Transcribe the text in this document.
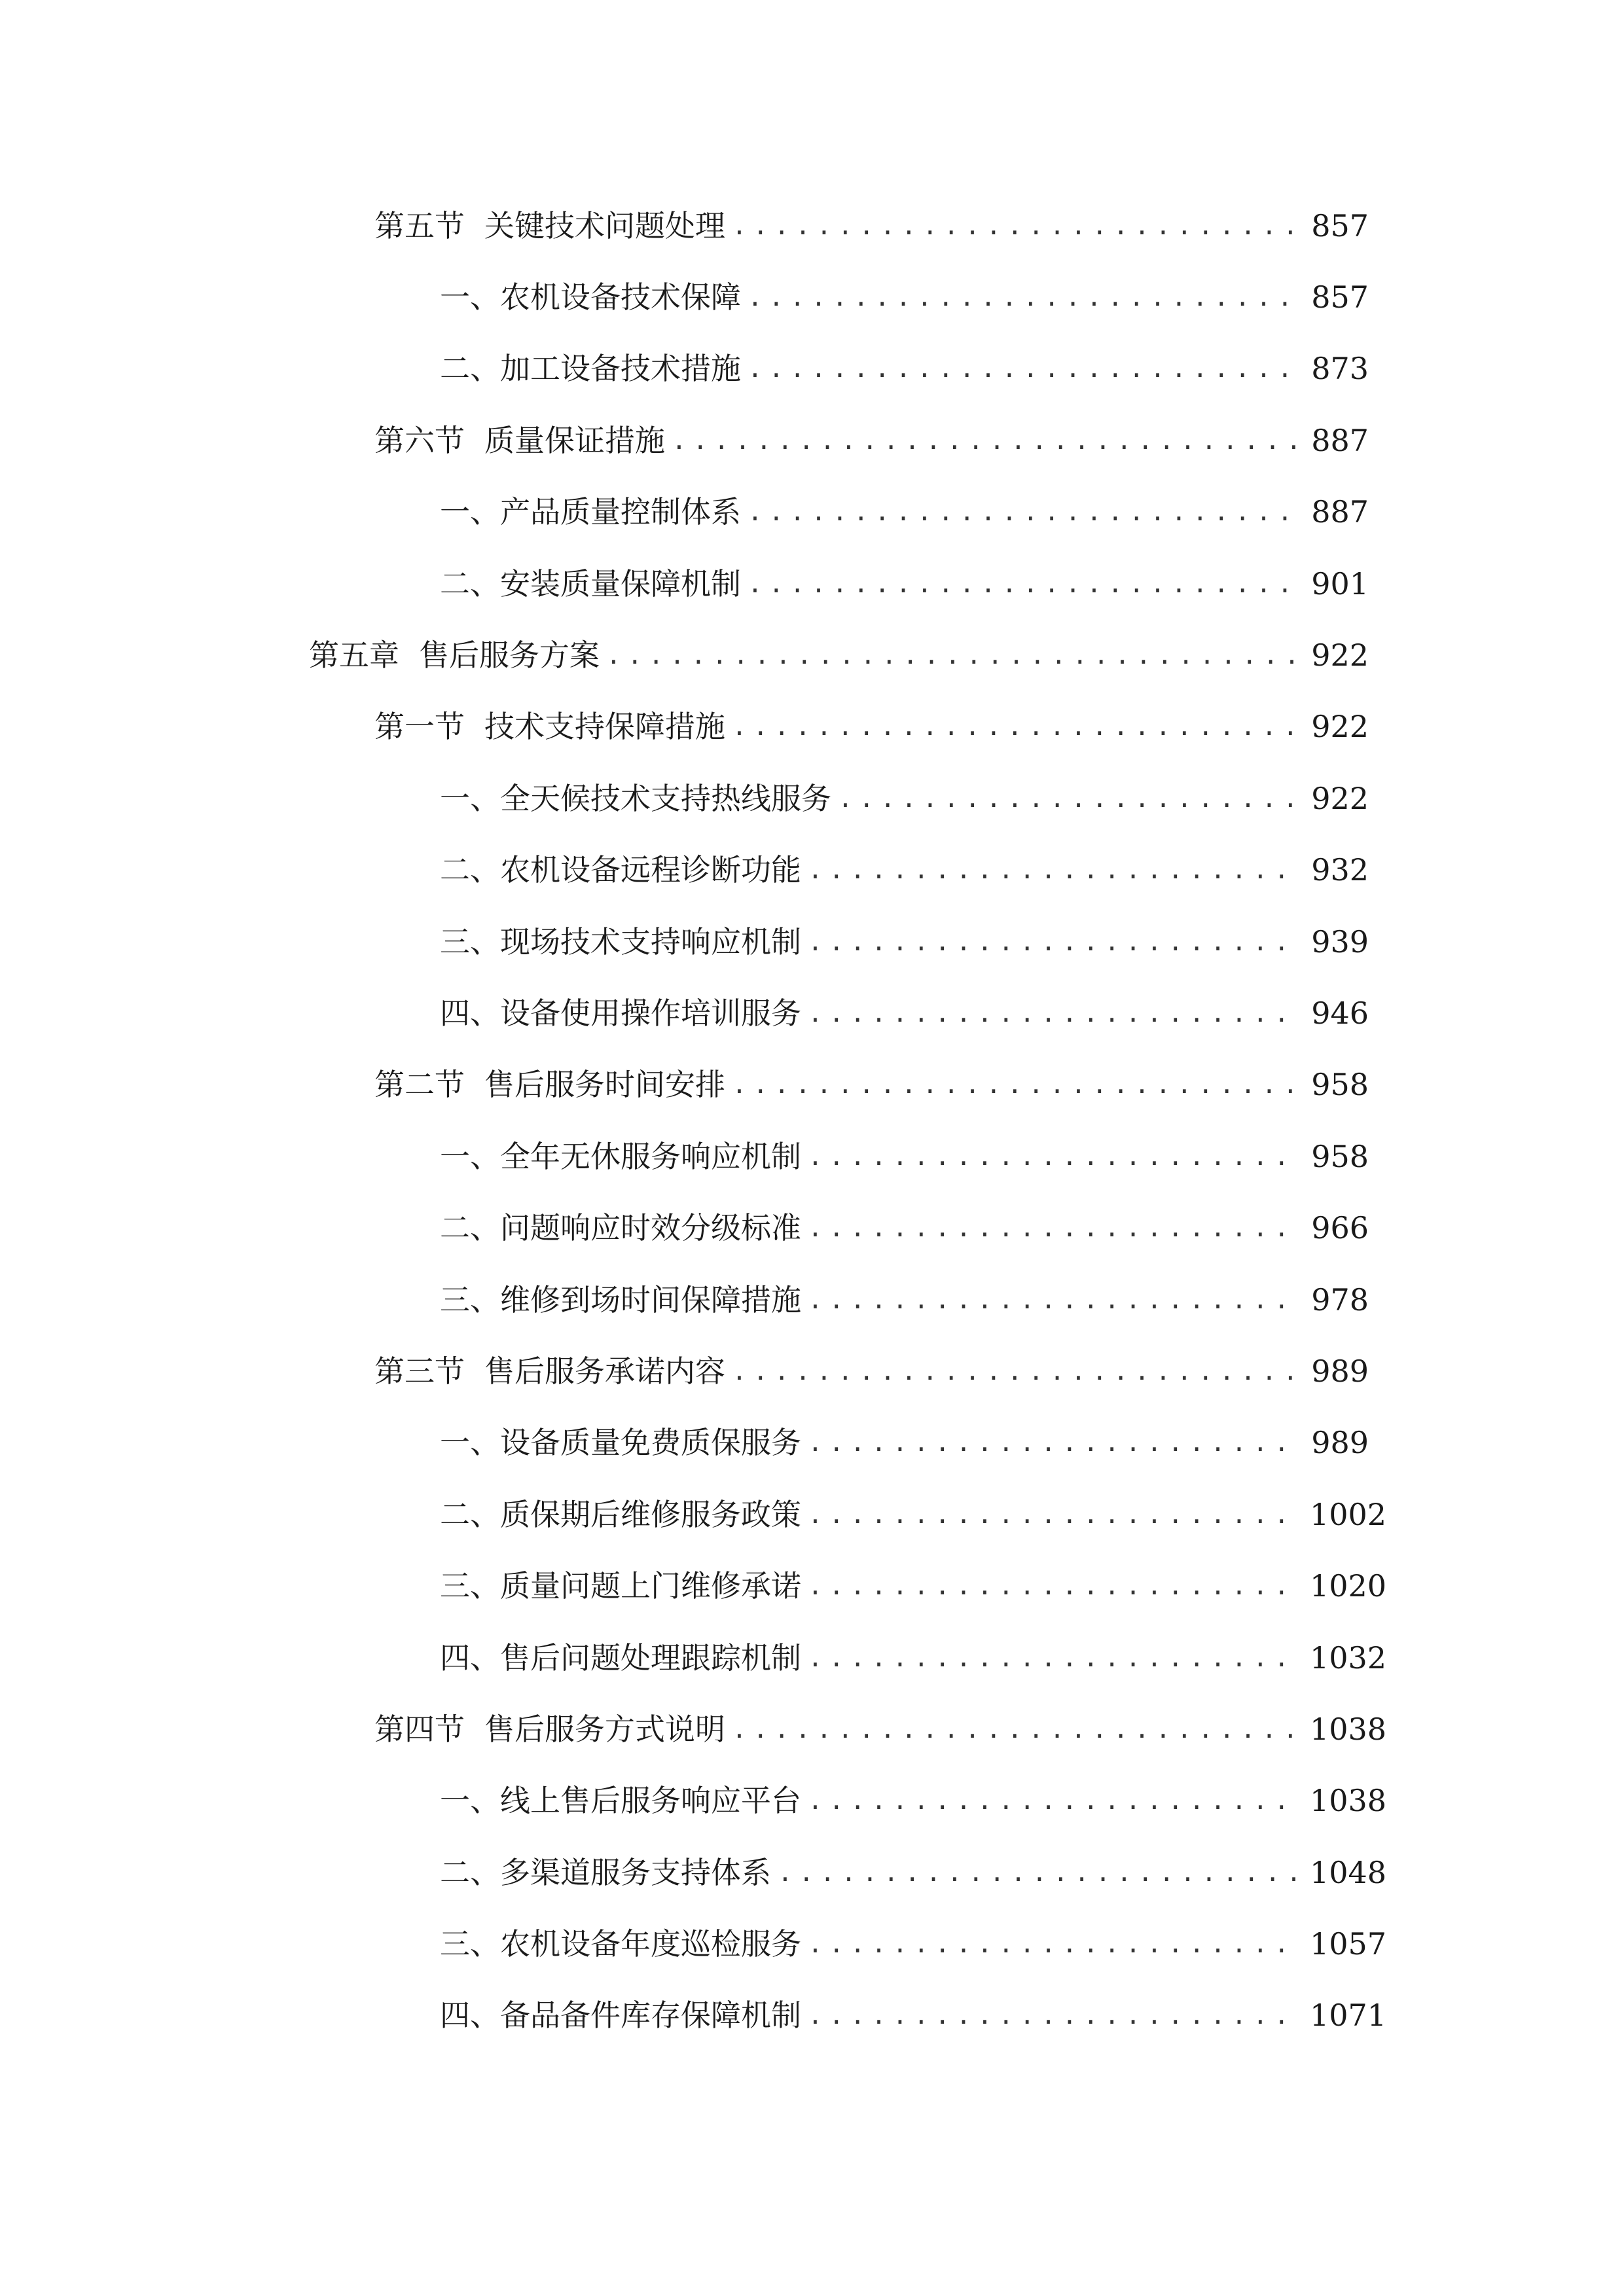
第五节 关键技术问题处理 .....	857
一、 农机设备技术保障 .....	857
二、 加工设备技术措施 .....	873
第六节 质量保证措施 .....	887
一、 产品质量控制体系 .....	887
二、 安装质量保障机制 .....	901
第五章 售后服务方案 .....	922
第一节 技术支持保障措施 .....	922
一、 全天候技术支持热线服务 .....	922
二、 农机设备远程诊断功能 .....	932
三、 现场技术支持响应机制 .....	939
四、 设备使用操作培训服务 .....	946
第二节 售后服务时间安排 .....	958
一、 全年无休服务响应机制 .....	958
二、 问题响应时效分级标准 .....	966
三、 维修到场时间保障措施 .....	978
第三节 售后服务承诺内容 .....	989
一、 设备质量免费质保服务 .....	989
二、 质保期后维修服务政策 .....	1002
三、 质量问题上门维修承诺 .....	1020
四、 售后问题处理跟踪机制 .....	1032
第四节 售后服务方式说明 .....	1038
一、 线上售后服务响应平台 .....	1038
二、 多渠道服务支持体系 .....	1048
三、 农机设备年度巡检服务 .....	1057
四、 备品备件库存保障机制 .....	1071
